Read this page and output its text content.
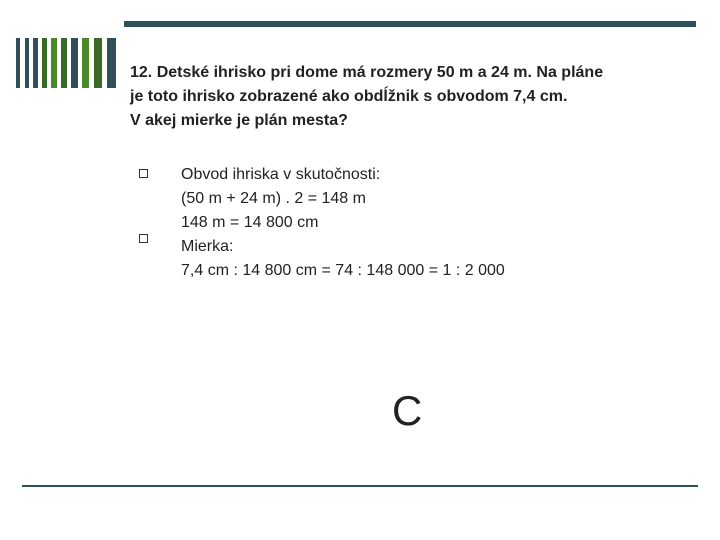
12. Detské ihrisko pri dome má rozmery 50 m a 24 m. Na pláne
je toto ihrisko zobrazené ako obdĺžnik s obvodom 7,4 cm.
V akej mierke je plán mesta?
Obvod ihriska v skutočnosti:
(50 m + 24 m) . 2 = 148 m
148 m = 14 800 cm
Mierka:
7,4 cm : 14 800 cm = 74 : 148 000 = 1 : 2 000
C
